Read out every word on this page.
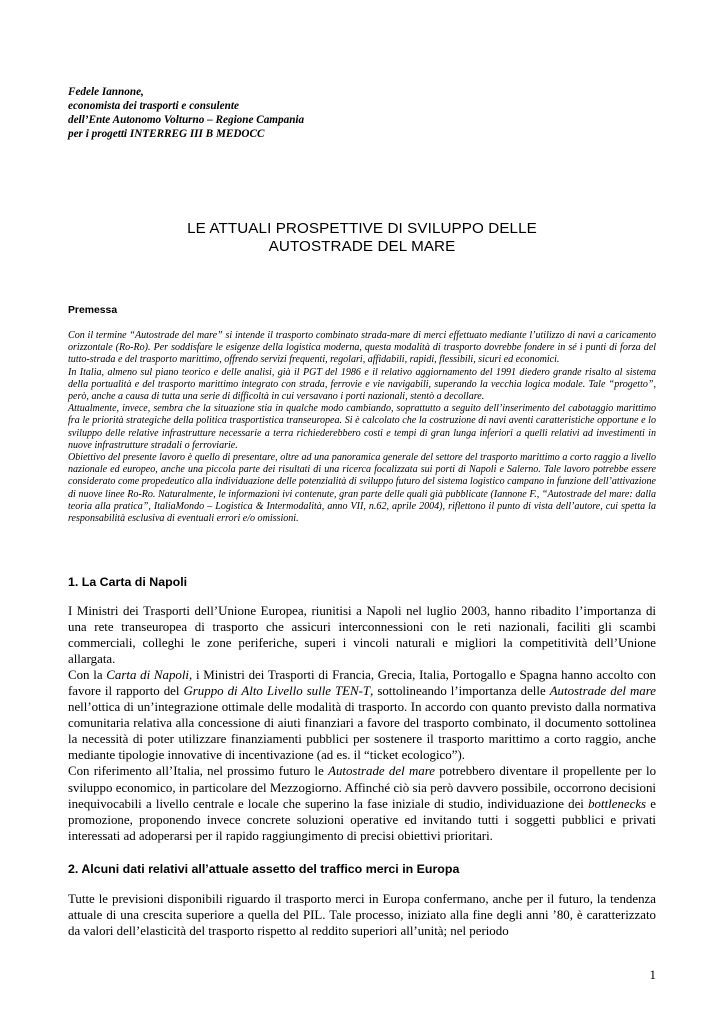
Fedele Iannone,
economista dei trasporti e consulente
dell’Ente Autonomo Volturno – Regione Campania
per i progetti INTERREG III B MEDOCC
LE ATTUALI PROSPETTIVE DI SVILUPPO DELLE
AUTOSTRADE DEL MARE
Premessa

Con il termine “Autostrade del mare” si intende il trasporto combinato strada-mare di merci effettuato mediante l’utilizzo di navi a caricamento orizzontale (Ro-Ro). Per soddisfare le esigenze della logistica moderna, questa modalità di trasporto dovrebbe fondere in sé i punti di forza del tutto-strada e del trasporto marittimo, offrendo servizi frequenti, regolari, affidabili, rapidi, flessibili, sicuri ed economici.

In Italia, almeno sul piano teorico e delle analisi, già il PGT del 1986 e il relativo aggiornamento del 1991 diedero grande risalto al sistema della portualità e del trasporto marittimo integrato con strada, ferrovie e vie navigabili, superando la vecchia logica modale. Tale “progetto”, però, anche a causa di tutta una serie di difficoltà in cui versavano i porti nazionali, stentò a decollare.

Attualmente, invece, sembra che la situazione stia in qualche modo cambiando, soprattutto a seguito dell’inserimento del cabotaggio marittimo fra le priorità strategiche della politica trasportistica transeuropea. Si è calcolato che la costruzione di navi aventi caratteristiche opportune e lo sviluppo delle relative infrastrutture necessarie a terra richiederebbero costi e tempi di gran lunga inferiori a quelli relativi ad investimenti in nuove infrastrutture stradali o ferroviarie.

Obiettivo del presente lavoro è quello di presentare, oltre ad una panoramica generale del settore del trasporto marittimo a corto raggio a livello nazionale ed europeo, anche una piccola parte dei risultati di una ricerca focalizzata sui porti di Napoli e Salerno. Tale lavoro potrebbe essere considerato come propedeutico alla individuazione delle potenzialità di sviluppo futuro del sistema logistico campano in funzione dell’attivazione di nuove linee Ro-Ro. Naturalmente, le informazioni ivi contenute, gran parte delle quali già pubblicate (Iannone F., “Autostrade del mare: dalla teoria alla pratica”, ItaliaMondo – Logistica & Intermodalità, anno VII, n.62, aprile 2004), riflettono il punto di vista dell’autore, cui spetta la responsabilità esclusiva di eventuali errori e/o omissioni.

1. La Carta di Napoli

I Ministri dei Trasporti dell’Unione Europea, riunitisi a Napoli nel luglio 2003, hanno ribadito l’importanza di una rete transeuropea di trasporto che assicuri interconnessioni con le reti nazionali, faciliti gli scambi commerciali, colleghi le zone periferiche, superi i vincoli naturali e migliori la competitività dell’Unione allargata.

Con la Carta di Napoli, i Ministri dei Trasporti di Francia, Grecia, Italia, Portogallo e Spagna hanno accolto con favore il rapporto del Gruppo di Alto Livello sulle TEN-T, sottolineando l’importanza delle Autostrade del mare nell’ottica di un’integrazione ottimale delle modalità di trasporto. In accordo con quanto previsto dalla normativa comunitaria relativa alla concessione di aiuti finanziari a favore del trasporto combinato, il documento sottolinea la necessità di poter utilizzare finanziamenti pubblici per sostenere il trasporto marittimo a corto raggio, anche mediante tipologie innovative di incentivazione (ad es. il “ticket ecologico”).

Con riferimento all’Italia, nel prossimo futuro le Autostrade del mare potrebbero diventare il propellente per lo sviluppo economico, in particolare del Mezzogiorno. Affinché ciò sia però davvero possibile, occorrono decisioni inequivocabili a livello centrale e locale che superino la fase iniziale di studio, individuazione dei bottlenecks e promozione, proponendo invece concrete soluzioni operative ed invitando tutti i soggetti pubblici e privati interessati ad adoperarsi per il rapido raggiungimento di precisi obiettivi prioritari.

2. Alcuni dati relativi all’attuale assetto del traffico merci in Europa

Tutte le previsioni disponibili riguardo il trasporto merci in Europa confermano, anche per il futuro, la tendenza attuale di una crescita superiore a quella del PIL. Tale processo, iniziato alla fine degli anni ’80, è caratterizzato da valori dell’elasticità del trasporto rispetto al reddito superiori all’unità; nel periodo

1
